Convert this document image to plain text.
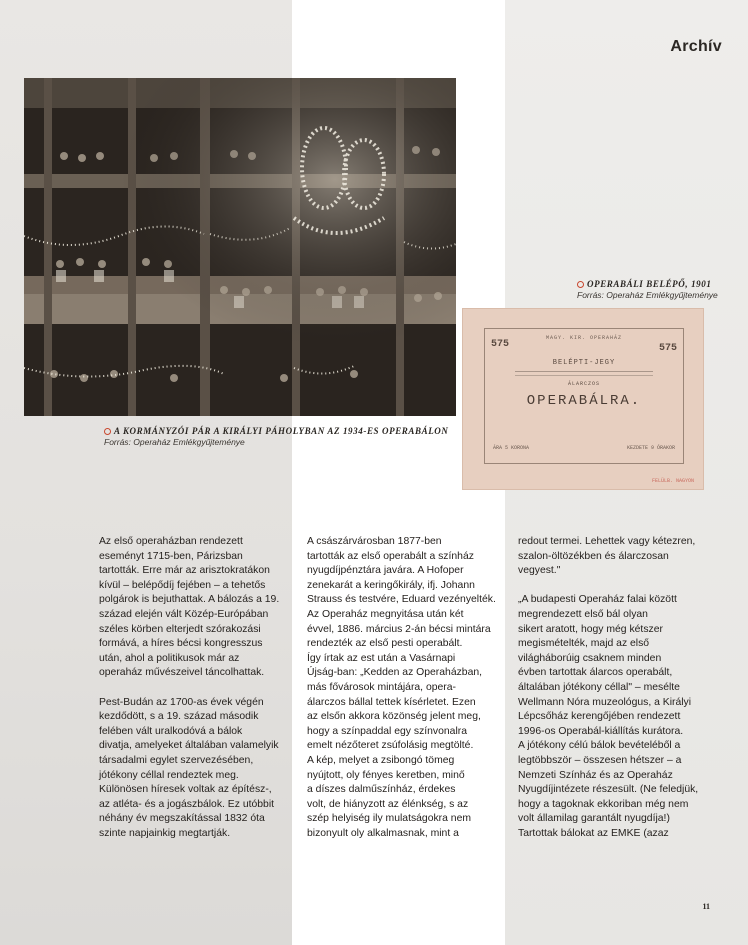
Archív
A KORMÁNYZÓI PÁR A KIRÁLYI PÁHOLYBAN AZ 1934-ES OPERABÁLON
Forrás: Operaház Emlékgyűjteménye
OPERABÁLI BELÉPŐ, 1901
Forrás: Operaház Emlékgyűjteménye
575	575
MAGY. KIR. OPERAHÁZ
BELÉPTI-JEGY
ÁLARCZOS
OPERABÁLRA.
ÁRA 5 KORONA	KEZDETE 9 ÓRAKOR
FELÜLB. NAGYON

Az első operaházban rendezett

eseményt 1715-ben, Párizsban

tartották. Erre már az arisztokratákon

kívül – belépődíj fejében – a tehetős

polgárok is bejuthattak. A bálozás a 19.

század elején vált Közép-Európában

széles körben elterjedt szórakozási

formává, a híres bécsi kongresszus

után, ahol a politikusok már az

operaház művészeivel táncolhattak.

Pest-Budán az 1700-as évek végén

kezdődött, s a 19. század második

felében vált uralkodóvá a bálok

divatja, amelyeket általában valamelyik

társadalmi egylet szervezésében,

jótékony céllal rendeztek meg.

Különösen híresek voltak az építész-,

az atléta- és a jogászbálok. Ez utóbbit

néhány év megszakítással 1832 óta

szinte napjainkig megtartják.

A császárvárosban 1877-ben

tartották az első operabált a színház

nyugdíjpénztára javára. A Hofoper

zenekarát a keringőkirály, ifj. Johann

Strauss és testvére, Eduard vezényelték.

Az Operaház megnyitása után két

évvel, 1886. március 2-án bécsi mintára

rendezték az első pesti operabált.

Így írtak az est után a Vasárnapi

Újság-ban: „Kedden az Operaházban,

más fővárosok mintájára, opera-

álarczos bállal tettek kísérletet. Ezen

az elsőn akkora közönség jelent meg,

hogy a színpaddal egy színvonalra

emelt nézőteret zsúfolásig megtölté.

A kép, melyet a zsibongó tömeg

nyújtott, oly fényes keretben, minő

a díszes dalműszínház, érdekes

volt, de hiányzott az élénkség, s az

szép helyiség ily mulatságokra nem

bizonyult oly alkalmasnak, mint a

redout termei. Lehettek vagy kétezren,

szalon-öltözékben és álarczosan

vegyest."

„A budapesti Operaház falai között

megrendezett első bál olyan

sikert aratott, hogy még kétszer

megismételték, majd az első

világháborúig csaknem minden

évben tartottak álarcos operabált,

általában jótékony céllal" – mesélte

Wellmann Nóra muzeológus, a Királyi

Lépcsőház kerengőjében rendezett

1996-os Operabál-kiállítás kurátora.

A jótékony célú bálok bevételéből a

legtöbbször – összesen hétszer – a

Nemzeti Színház és az Operaház

Nyugdíjintézete részesült. (Ne feledjük,

hogy a tagoknak ekkoriban még nem

volt államilag garantált nyugdíja!)

Tartottak bálokat az EMKE (azaz

11
